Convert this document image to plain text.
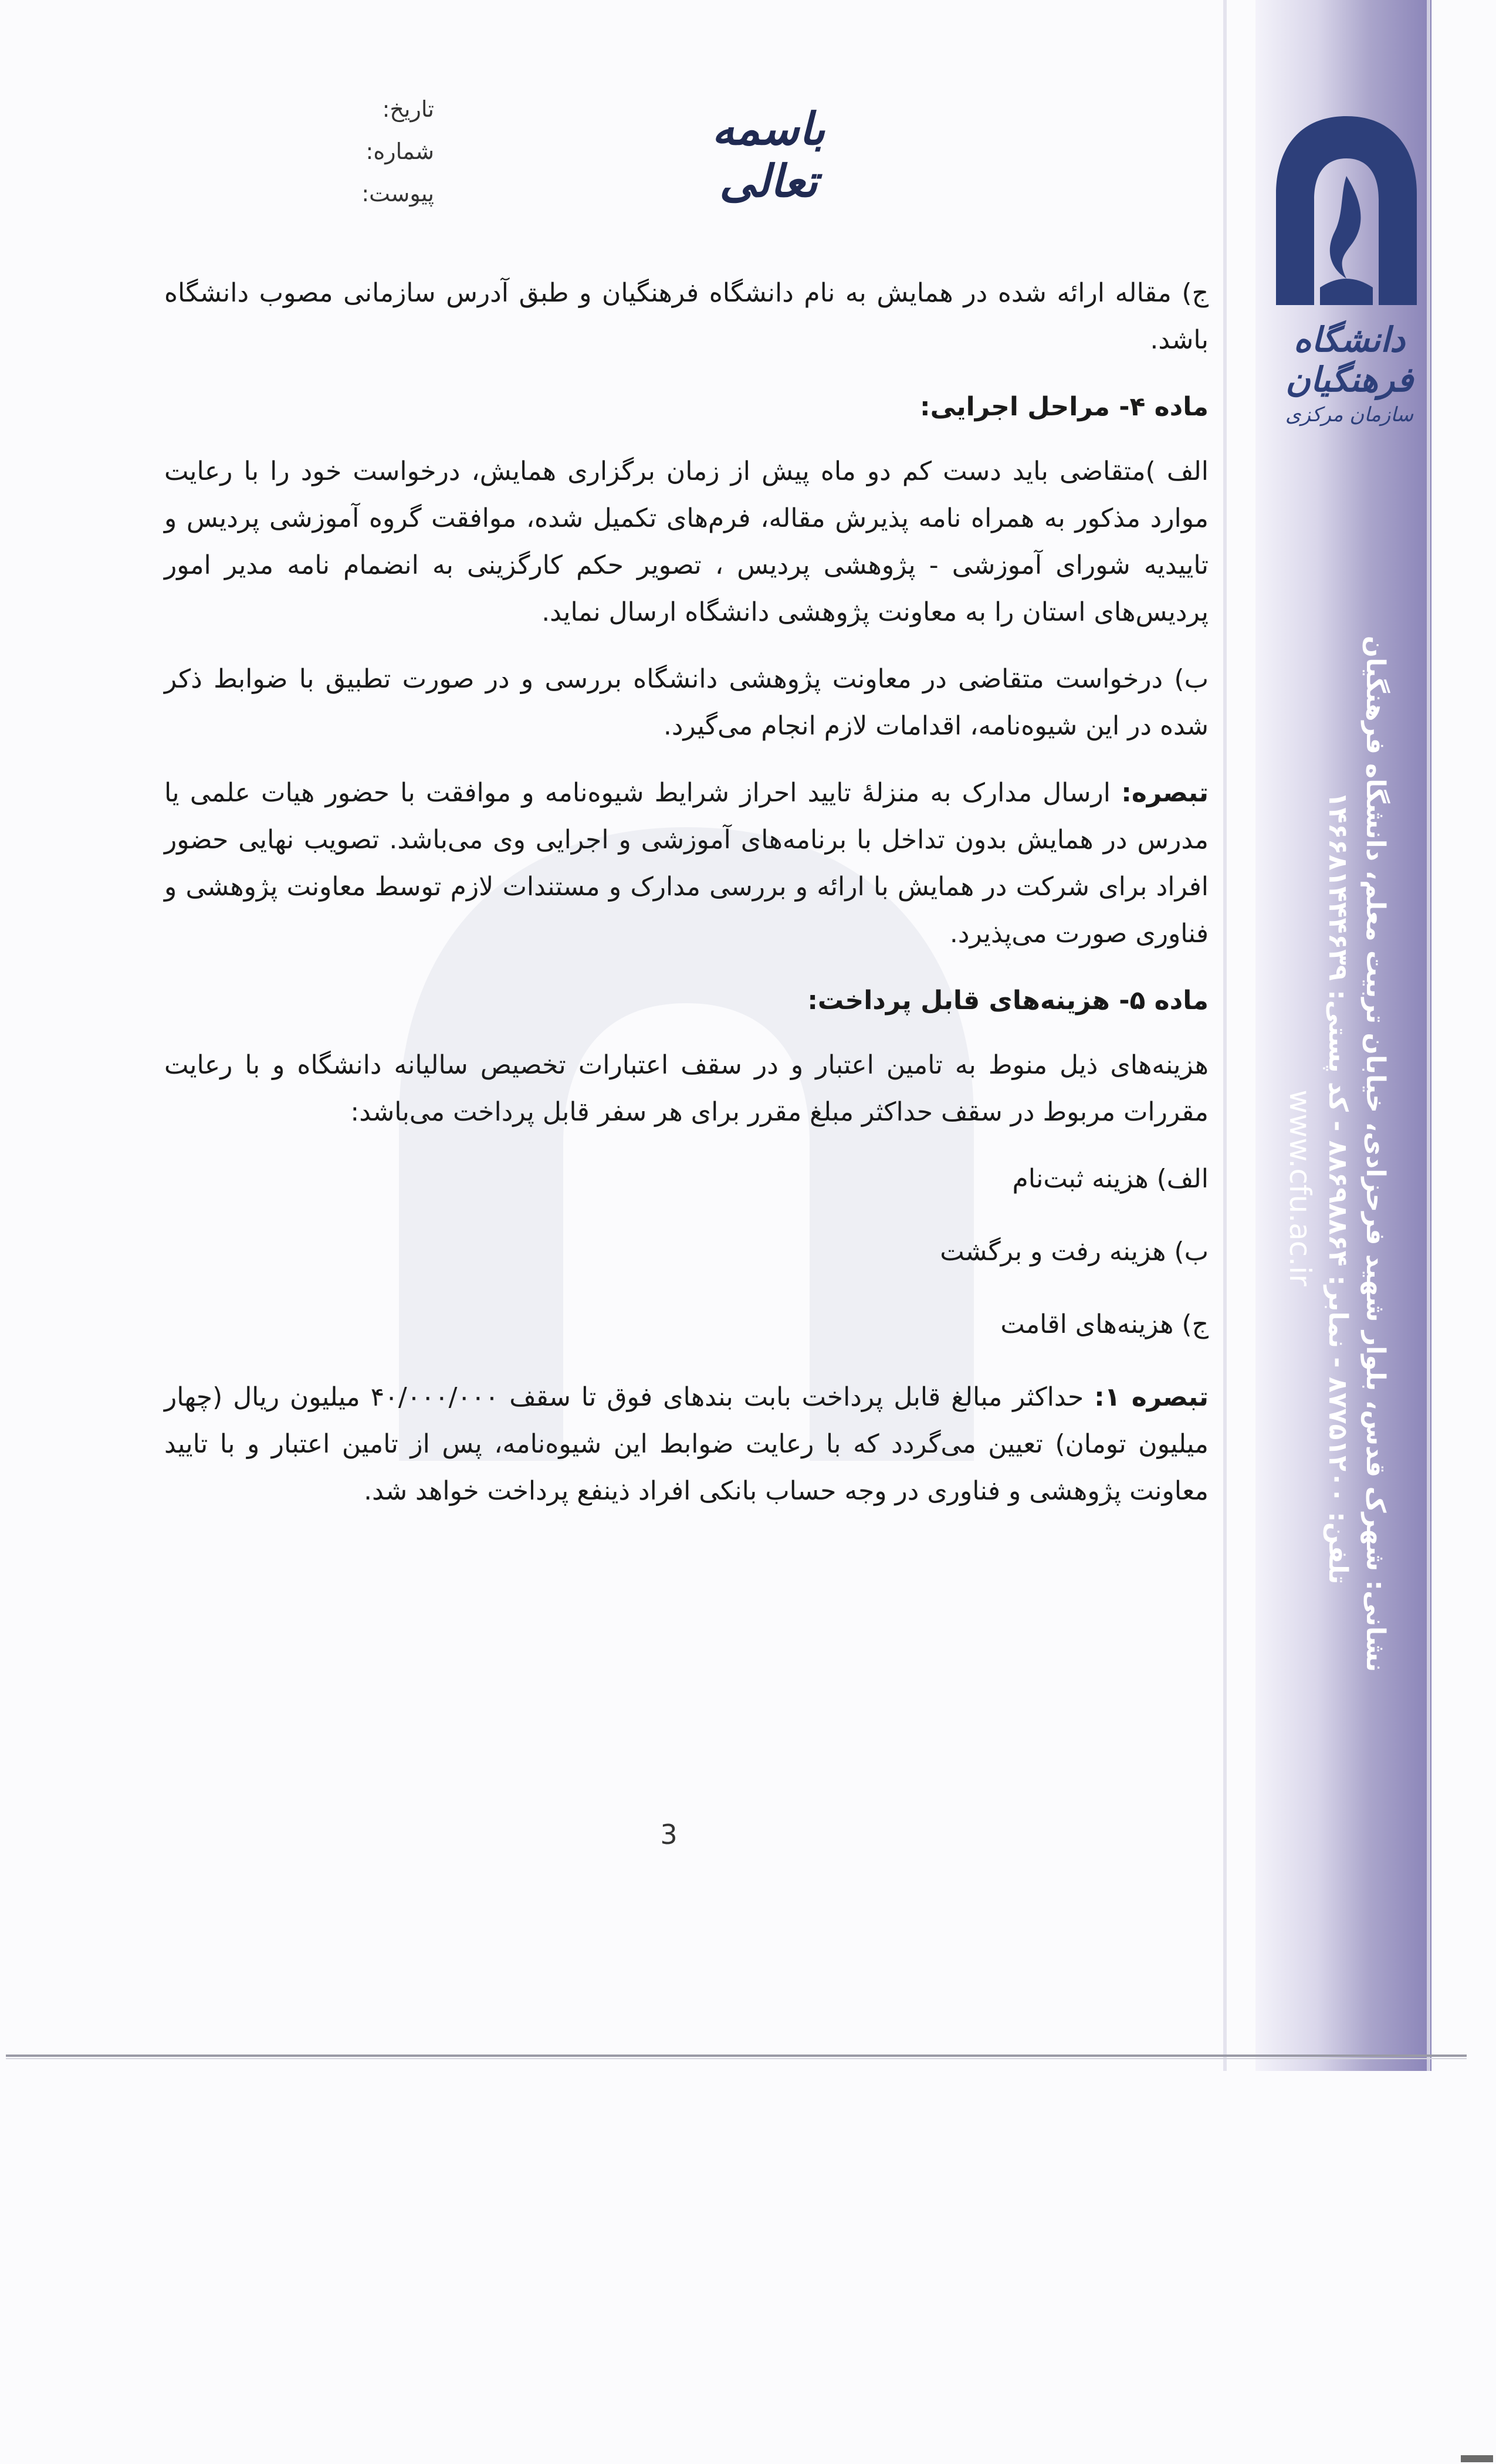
دانشگاه فرهنگیان
سازمان مرکزی
نشانی: شهرک قدس، بلوار شهید فرحزادی، خیابان تربیت معلم، دانشگاه فرهنگیان
تلفن: ۸۷۷۵۱۲۰۰ - نمابر: ۸۸۶۹۸۸۶۴ - کد پستی: ۱۴۶۶۸۱۴۴۴۶۳۹
www.cfu.ac.ir
باسمه تعالی
تاریخ:
شماره:
پیوست:

ج) مقاله ارائه شده در همایش به نام دانشگاه فرهنگیان و طبق آدرس سازمانی مصوب دانشگاه باشد.

ماده ۴- مراحل اجرایی:

الف )متقاضی باید دست کم دو ماه پیش از زمان برگزاری همایش، درخواست خود را با رعایت موارد مذکور به همراه نامه پذیرش مقاله، فرم‌های تکمیل شده، موافقت گروه آموزشی پردیس و تاییدیه شورای آموزشی - پژوهشی پردیس ، تصویر حکم کارگزینی به انضمام نامه مدیر امور پردیس‌های استان را به معاونت پژوهشی دانشگاه ارسال نماید.

ب) درخواست متقاضی در معاونت پژوهشی دانشگاه بررسی و در صورت تطبیق با ضوابط ذکر شده در این شیوه‌نامه، اقدامات لازم انجام می‌گیرد.

تبصره: ارسال مدارک به منزلهٔ تایید احراز شرایط شیوه‌نامه و موافقت با حضور هیات علمی یا مدرس در همایش بدون تداخل با برنامه‌های آموزشی و اجرایی وی می‌باشد. تصویب نهایی حضور افراد برای شرکت در همایش با ارائه و بررسی مدارک و مستندات لازم توسط معاونت پژوهشی و فناوری صورت می‌پذیرد.

ماده ۵- هزینه‌های قابل پرداخت:

هزینه‌های ذیل منوط به تامین اعتبار و در سقف اعتبارات تخصیص سالیانه دانشگاه و با رعایت مقررات مربوط در سقف حداکثر مبلغ مقرر برای هر سفر قابل پرداخت می‌باشد:

الف) هزینه ثبت‌نام

ب) هزینه رفت و برگشت

ج) هزینه‌های اقامت

تبصره ۱: حداکثر مبالغ قابل پرداخت بابت بندهای فوق تا سقف ۴۰/۰۰۰/۰۰۰ میلیون ریال (چهار میلیون تومان) تعیین می‌گردد که با رعایت ضوابط این شیوه‌نامه، پس از تامین اعتبار و با تایید معاونت پژوهشی و فناوری در وجه حساب بانکی افراد ذینفع پرداخت خواهد شد.

3
